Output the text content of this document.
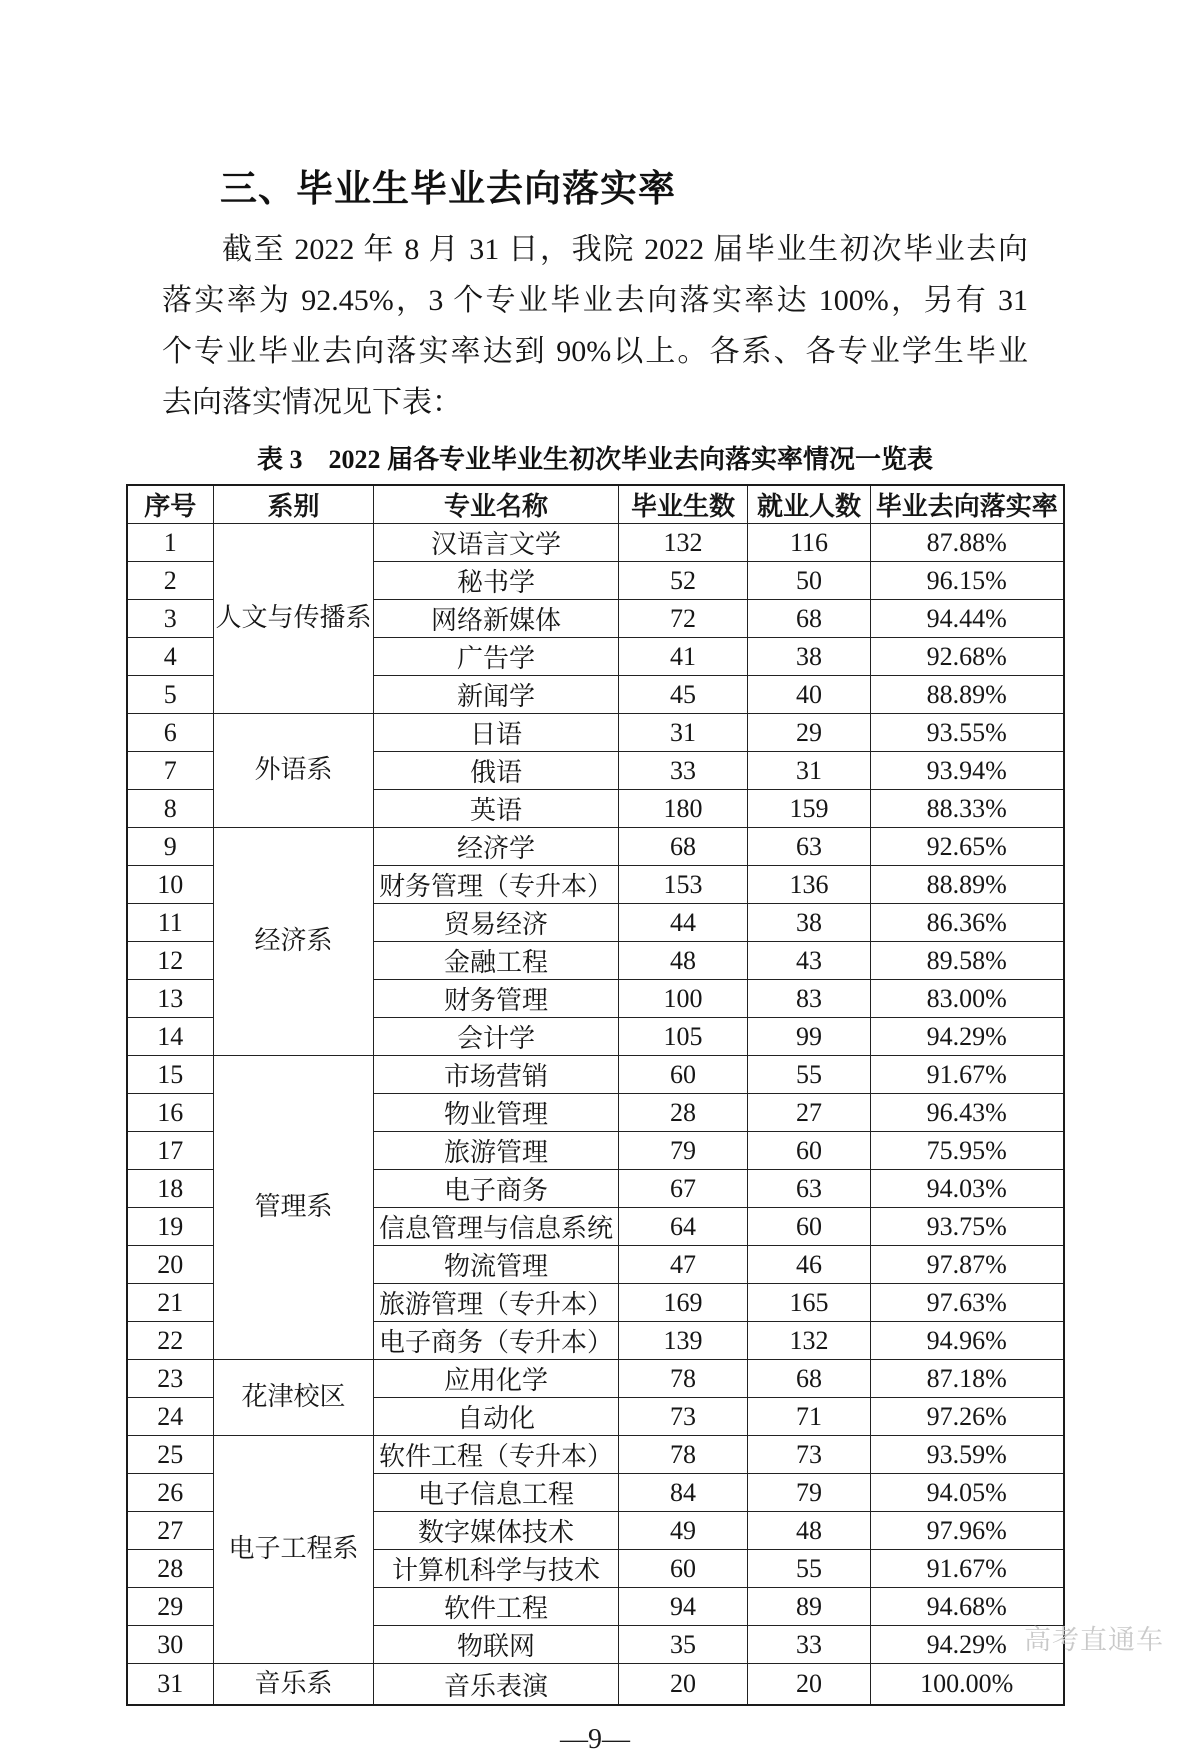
三、毕业生毕业去向落实率
截至 2022 年 8 月 31 日，我院 2022 届毕业生初次毕业去向
落实率为 92.45%，3 个专业毕业去向落实率达 100%，另有 31
个专业毕业去向落实率达到 90%以上。各系、各专业学生毕业
去向落实情况见下表：
表 3　2022 届各专业毕业生初次毕业去向落实率情况一览表
序号	系别	专业名称	毕业生数	就业人数	毕业去向落实率
1	人文与传播系	汉语言文学	132	116	87.88%
2		秘书学	52	50	96.15%
3		网络新媒体	72	68	94.44%
4		广告学	41	38	92.68%
5		新闻学	45	40	88.89%
6	外语系	日语	31	29	93.55%
7		俄语	33	31	93.94%
8		英语	180	159	88.33%
9	经济系	经济学	68	63	92.65%
10		财务管理（专升本）	153	136	88.89%
11		贸易经济	44	38	86.36%
12		金融工程	48	43	89.58%
13		财务管理	100	83	83.00%
14		会计学	105	99	94.29%
15	管理系	市场营销	60	55	91.67%
16		物业管理	28	27	96.43%
17		旅游管理	79	60	75.95%
18		电子商务	67	63	94.03%
19		信息管理与信息系统	64	60	93.75%
20		物流管理	47	46	97.87%
21		旅游管理（专升本）	169	165	97.63%
22		电子商务（专升本）	139	132	94.96%
23	花津校区	应用化学	78	68	87.18%
24		自动化	73	71	97.26%
25	电子工程系	软件工程（专升本）	78	73	93.59%
26		电子信息工程	84	79	94.05%
27		数字媒体技术	49	48	97.96%
28		计算机科学与技术	60	55	91.67%
29		软件工程	94	89	94.68%
30		物联网	35	33	94.29%
31	音乐系	音乐表演	20	20	100.00%
—9—
高考直通车
